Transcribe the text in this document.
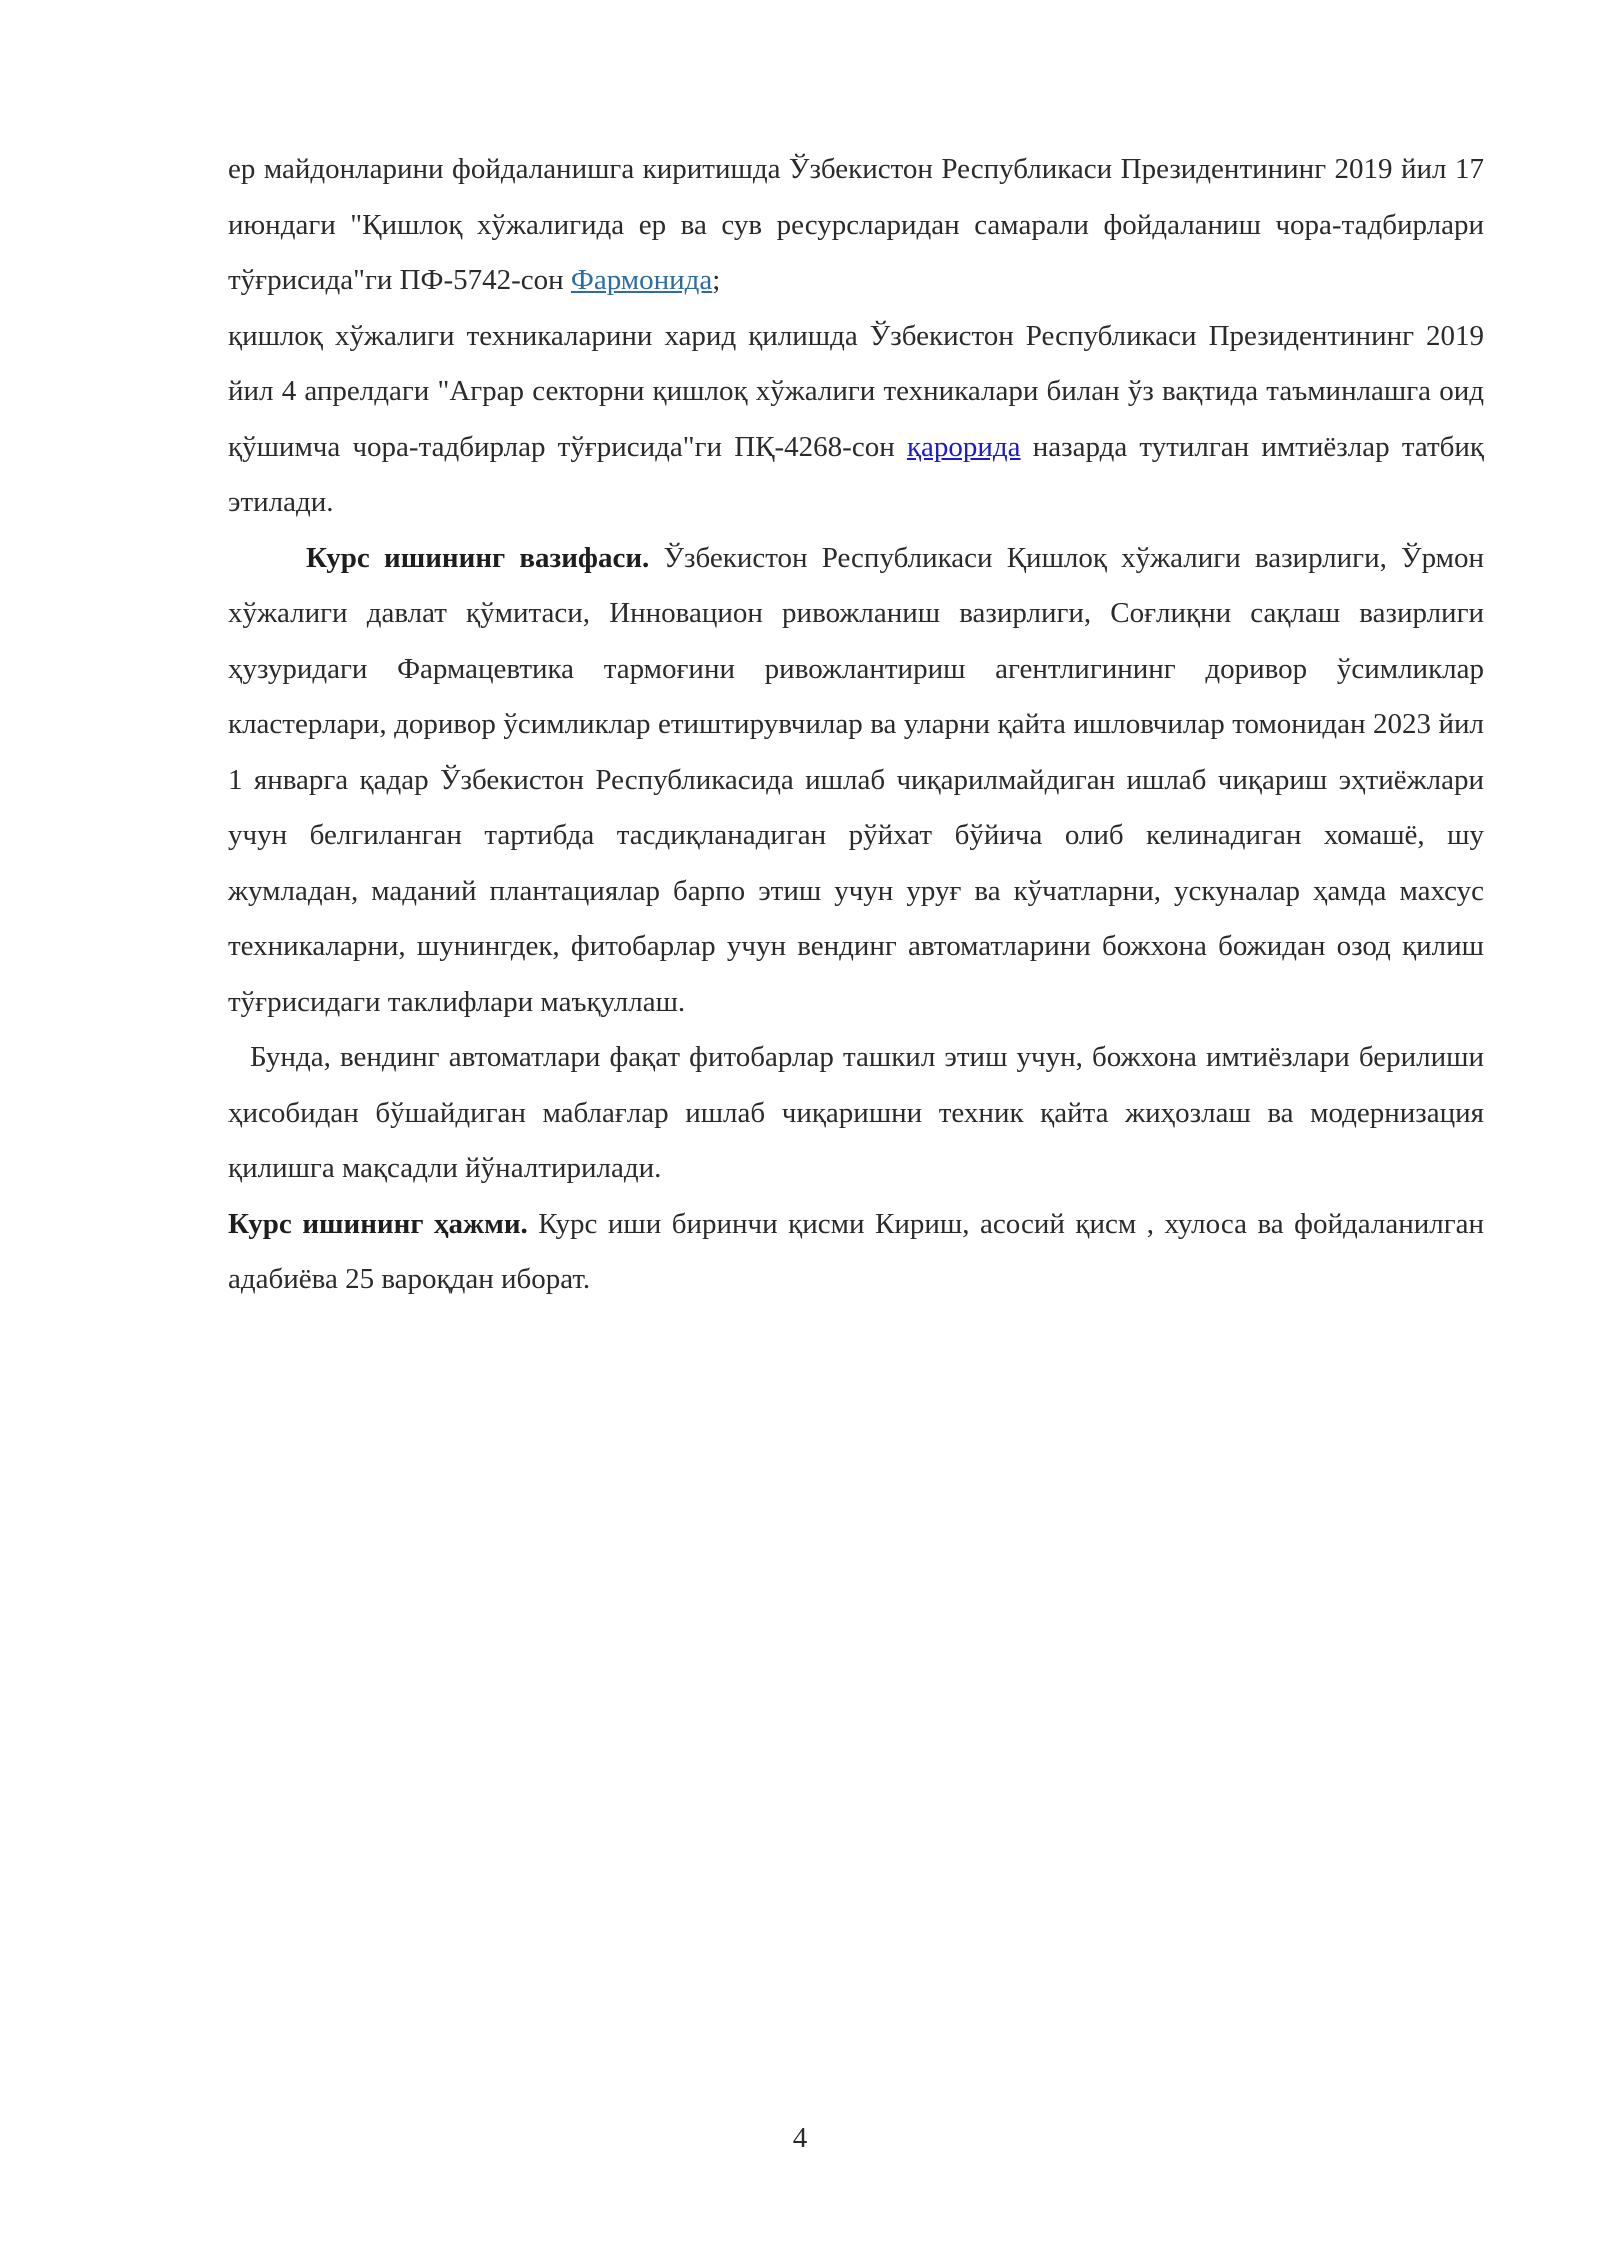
ер майдонларини фойдаланишга киритишда Ўзбекистон Республикаси Президентининг 2019 йил 17 июндаги "Қишлоқ хўжалигида ер ва сув ресурсларидан самарали фойдаланиш чора-тадбирлари тўғрисида"ги ПФ-5742-сон Фармонида;

қишлоқ хўжалиги техникаларини харид қилишда Ўзбекистон Республикаси Президентининг 2019 йил 4 апрелдаги "Аграр секторни қишлоқ хўжалиги техникалари билан ўз вақтида таъминлашга оид қўшимча чора-тадбирлар тўғрисида"ги ПҚ-4268-сон қарорида назарда тутилган имтиёзлар татбиқ этилади.

Курс ишининг вазифаси. Ўзбекистон Республикаси Қишлоқ хўжалиги вазирлиги, Ўрмон хўжалиги давлат қўмитаси, Инновацион ривожланиш вазирлиги, Соғлиқни сақлаш вазирлиги ҳузуридаги Фармацевтика тармоғини ривожлантириш агентлигининг доривор ўсимликлар кластерлари, доривор ўсимликлар етиштирувчилар ва уларни қайта ишловчилар томонидан 2023 йил 1 январга қадар Ўзбекистон Республикасида ишлаб чиқарилмайдиган ишлаб чиқариш эҳтиёжлари учун белгиланган тартибда тасдиқланадиган рўйхат бўйича олиб келинадиган хомашё, шу жумладан, маданий плантациялар барпо этиш учун уруғ ва кўчатларни, ускуналар ҳамда махсус техникаларни, шунингдек, фитобарлар учун вендинг автоматларини божхона божидан озод қилиш тўғрисидаги таклифлари маъқуллаш.

Бунда, вендинг автоматлари фақат фитобарлар ташкил этиш учун, божхона имтиёзлари берилиши ҳисобидан бўшайдиган маблағлар ишлаб чиқаришни техник қайта жиҳозлаш ва модернизация қилишга мақсадли йўналтирилади.

Курс ишининг ҳажми. Курс иши биринчи қисми Кириш, асосий қисм , хулоса ва фойдаланилган адабиёва 25 вароқдан иборат.

4
